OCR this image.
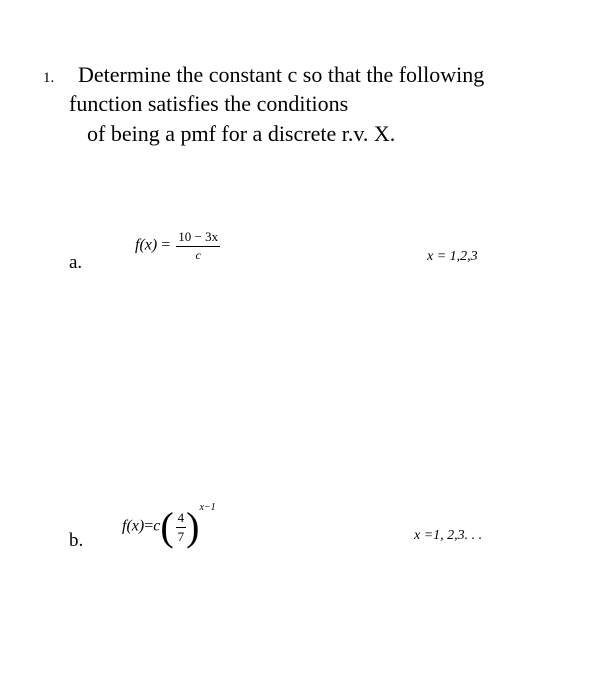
1. Determine the constant c so that the following
function satisfies the conditions
of being a pmf for a discrete r.v. X.
a.
$f(x) = \frac{10 - 3x}{c}$	x = 1,2,3
b.
$f(x)=c( \frac{4}{7} )^{x-1}$
x =1, 2,3. . .
